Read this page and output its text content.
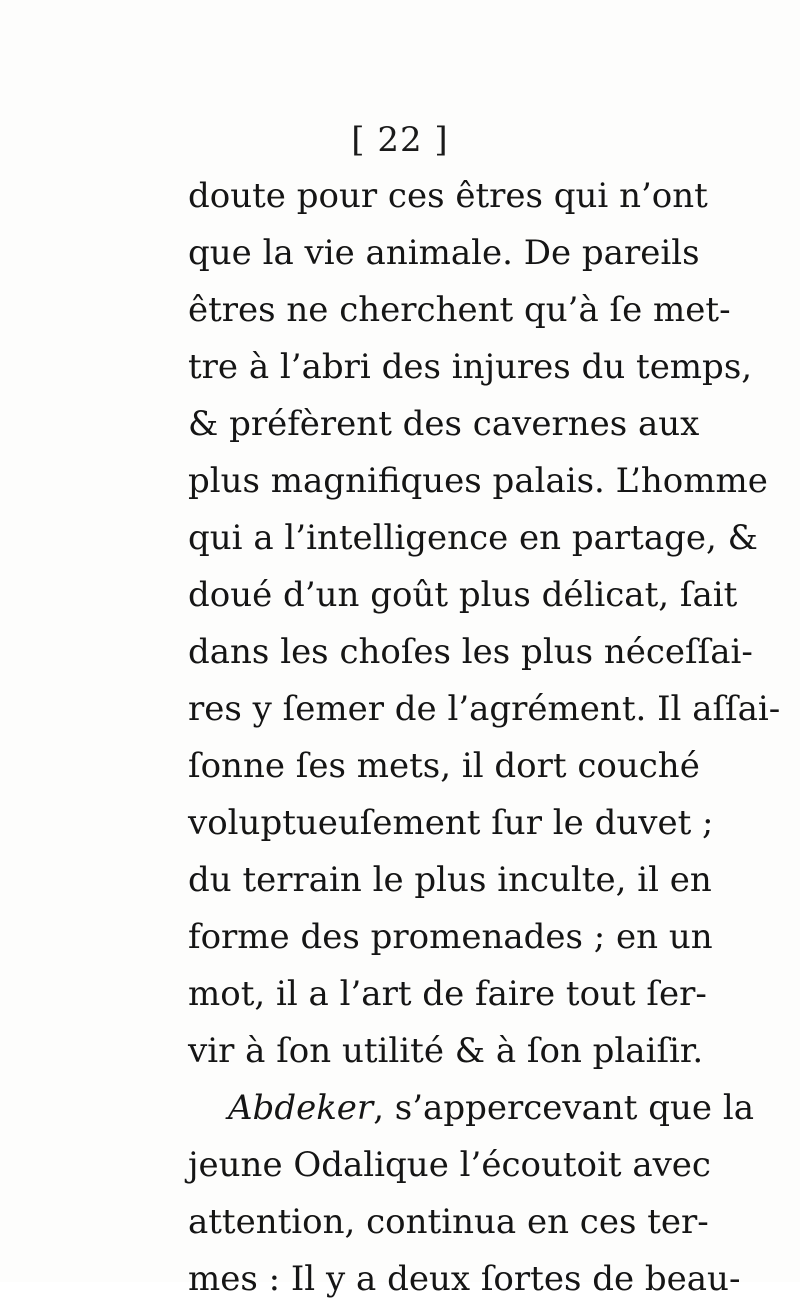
[ 22 ]
doute pour ces êtres qui n’ont
que la vie animale. De pareils
êtres ne cherchent qu’à ſe met-
tre à l’abri des injures du temps,
& préfèrent des cavernes aux
plus magnifiques palais. L’homme
qui a l’intelligence en partage, &
doué d’un goût plus délicat, ſait
dans les choſes les plus néceſſai-
res y ſemer de l’agrément. Il aſſai-
ſonne ſes mets, il dort couché
voluptueuſement ſur le duvet ;
du terrain le plus inculte, il en
forme des promenades ; en un
mot, il a l’art de faire tout ſer-
vir à ſon utilité & à ſon plaiſir.
Abdeker, s’appercevant que la
jeune Odalique l’écoutoit avec
attention, continua en ces ter-
mes : Il y a deux ſortes de beau-
